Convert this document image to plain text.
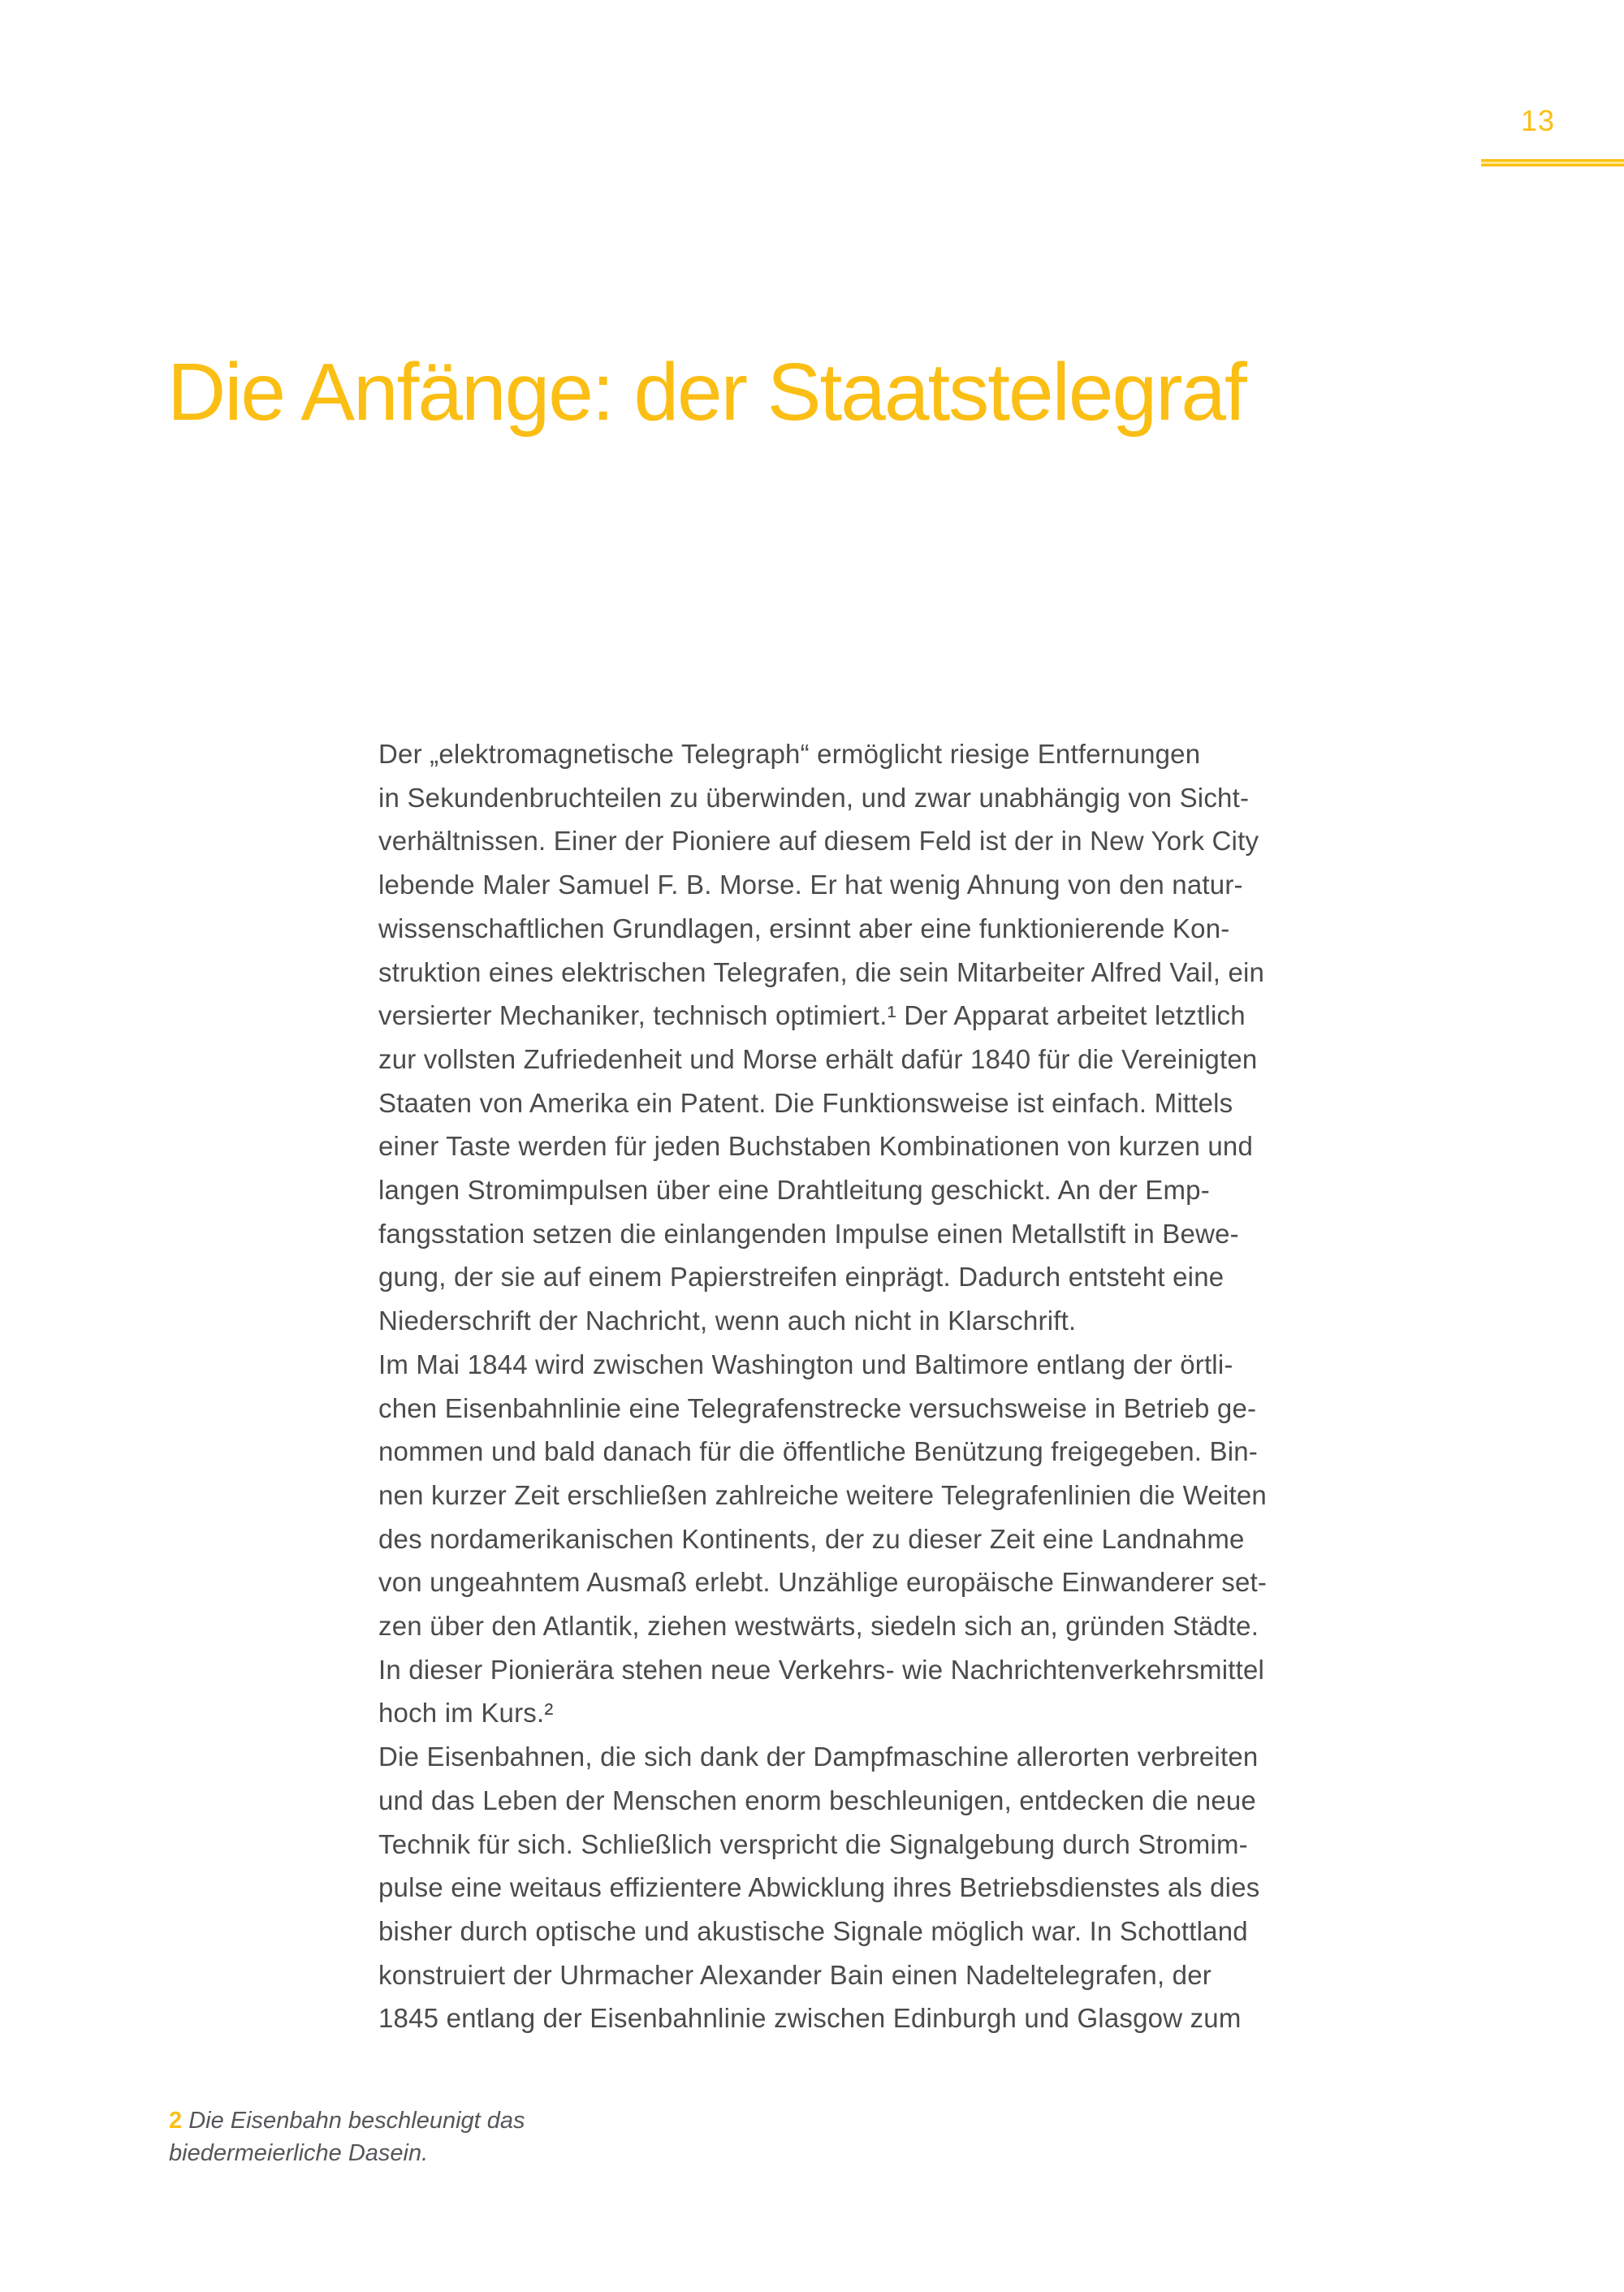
13
Die Anfänge: der Staatstelegraf
Der „elektromagnetische Telegraph“ ermöglicht riesige Entfernungen
in Sekundenbruchteilen zu überwinden, und zwar unabhängig von Sicht-
verhältnissen. Einer der Pioniere auf diesem Feld ist der in New York City
lebende Maler Samuel F. B. Morse. Er hat wenig Ahnung von den natur-
wissenschaftlichen Grundlagen, ersinnt aber eine funktionierende Kon-
struktion eines elektrischen Telegrafen, die sein Mitarbeiter Alfred Vail, ein
versierter Mechaniker, technisch optimiert.¹ Der Apparat arbeitet letztlich
zur vollsten Zufriedenheit und Morse erhält dafür 1840 für die Vereinigten
Staaten von Amerika ein Patent. Die Funktionsweise ist einfach. Mittels
einer Taste werden für jeden Buchstaben Kombinationen von kurzen und
langen Stromimpulsen über eine Drahtleitung geschickt. An der Emp-
fangsstation setzen die einlangenden Impulse einen Metallstift in Bewe-
gung, der sie auf einem Papierstreifen einprägt. Dadurch entsteht eine
Niederschrift der Nachricht, wenn auch nicht in Klarschrift.
Im Mai 1844 wird zwischen Washington und Baltimore entlang der örtli-
chen Eisenbahnlinie eine Telegrafenstrecke versuchsweise in Betrieb ge-
nommen und bald danach für die öffentliche Benützung freigegeben. Bin-
nen kurzer Zeit erschließen zahlreiche weitere Telegrafenlinien die Weiten
des nordamerikanischen Kontinents, der zu dieser Zeit eine Landnahme
von ungeahntem Ausmaß erlebt. Unzählige europäische Einwanderer set-
zen über den Atlantik, ziehen westwärts, siedeln sich an, gründen Städte.
In dieser Pionierära stehen neue Verkehrs- wie Nachrichtenverkehrsmittel
hoch im Kurs.²
Die Eisenbahnen, die sich dank der Dampfmaschine allerorten verbreiten
und das Leben der Menschen enorm beschleunigen, entdecken die neue
Technik für sich. Schließlich verspricht die Signalgebung durch Stromim-
pulse eine weitaus effizientere Abwicklung ihres Betriebsdienstes als dies
bisher durch optische und akustische Signale möglich war. In Schottland
konstruiert der Uhrmacher Alexander Bain einen Nadeltelegrafen, der
1845 entlang der Eisenbahnlinie zwischen Edinburgh und Glasgow zum
2 Die Eisenbahn beschleunigt das
biedermeierliche Dasein.
